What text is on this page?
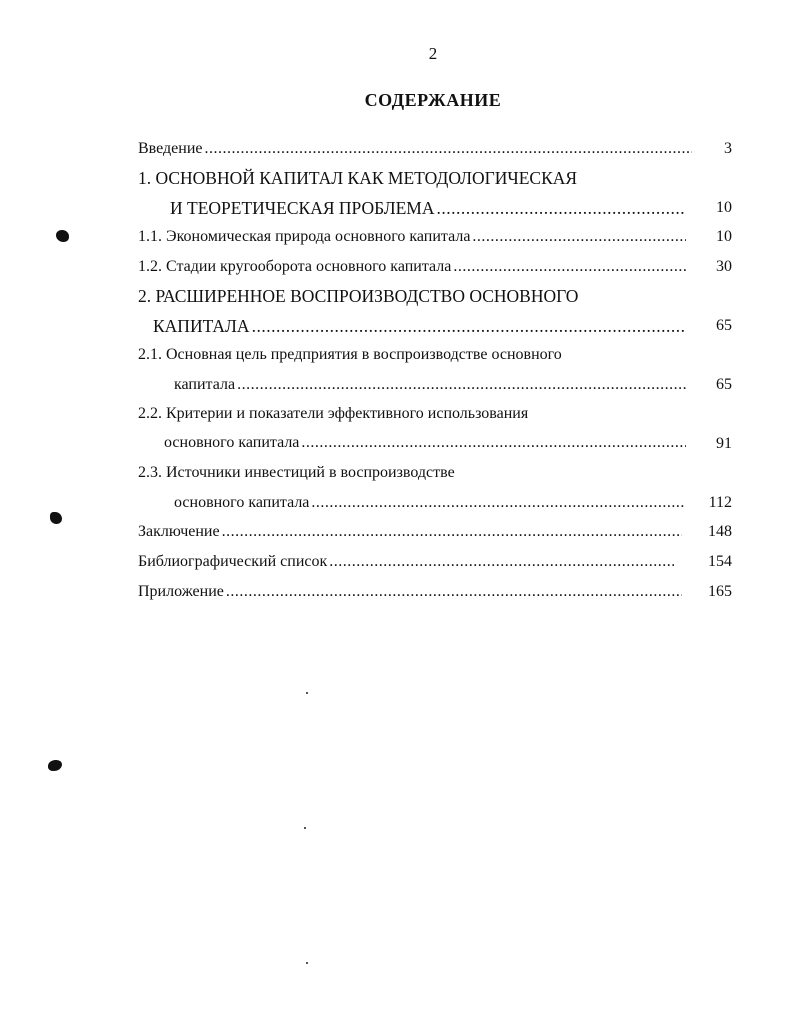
2
СОДЕРЖАНИЕ
Введение .....	3
1. ОСНОВНОЙ КАПИТАЛ КАК МЕТОДОЛОГИЧЕСКАЯ
И ТЕОРЕТИЧЕСКАЯ ПРОБЛЕМА .....	10
1.1. Экономическая природа основного капитала .....	10
1.2. Стадии кругооборота основного капитала .....	30
2. РАСШИРЕННОЕ ВОСПРОИЗВОДСТВО ОСНОВНОГО
КАПИТАЛА .....	65
2.1. Основная цель предприятия в воспроизводстве основного
капитала .....	65
2.2. Критерии и показатели эффективного использования
основного капитала .....	91
2.3. Источники инвестиций в воспроизводстве
основного капитала .....	112
Заключение .....	148
Библиографический список .....	154
Приложение .....	165
